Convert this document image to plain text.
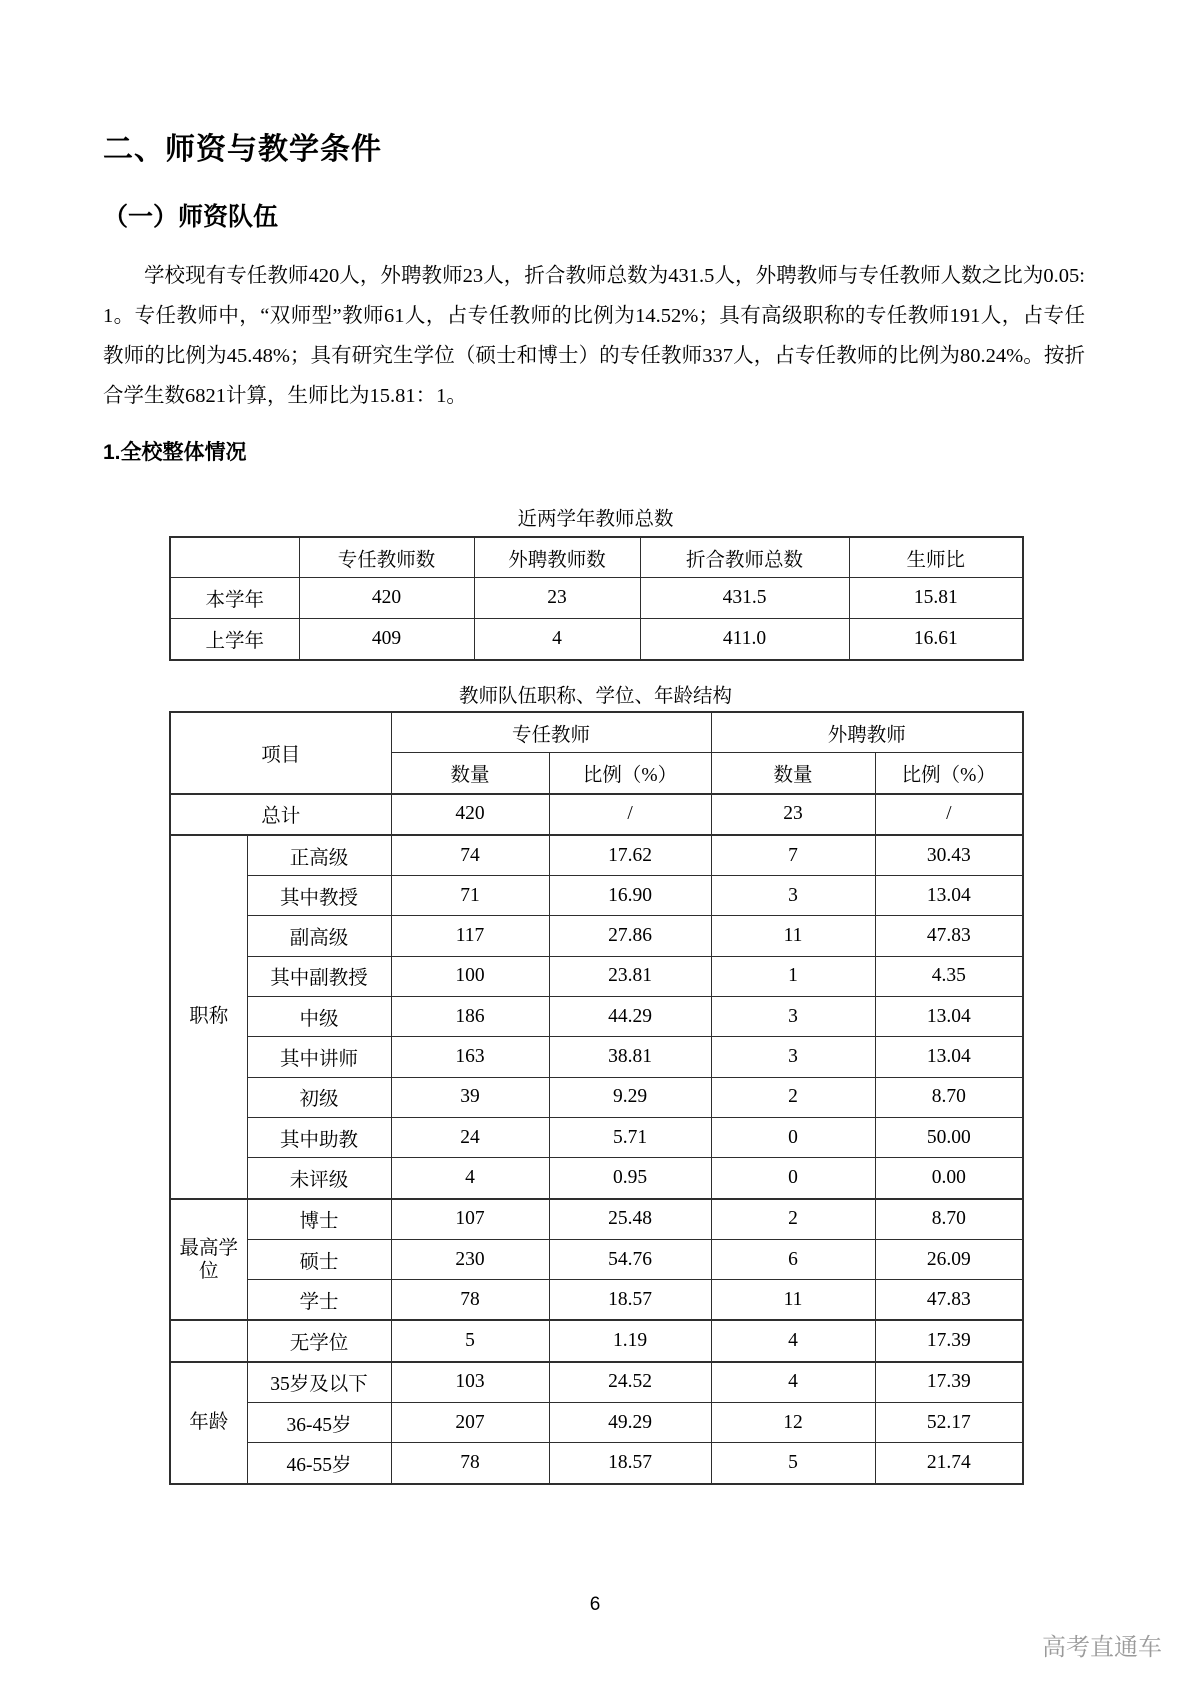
二、师资与教学条件
（一）师资队伍
学校现有专任教师420人，外聘教师23人，折合教师总数为431.5人，外聘教师与专任教师人数之比为0.05:1。专任教师中，“双师型”教师61人，占专任教师的比例为14.52%；具有高级职称的专任教师191人，占专任教师的比例为45.48%；具有研究生学位（硕士和博士）的专任教师337人，占专任教师的比例为80.24%。按折合学生数6821计算，生师比为15.81：1。
1.全校整体情况
近两学年教师总数
	专任教师数	外聘教师数	折合教师总数	生师比
本学年	420	23	431.5	15.81
上学年	409	4	411.0	16.61
教师队伍职称、学位、年龄结构
项目		专任教师		外聘教师	
		数量	比例（%）	数量	比例（%）
总计		420	/	23	/
职称	正高级	74	17.62	7	30.43
	其中教授	71	16.90	3	13.04
	副高级	117	27.86	11	47.83
	其中副教授	100	23.81	1	4.35
	中级	186	44.29	3	13.04
	其中讲师	163	38.81	3	13.04
	初级	39	9.29	2	8.70
	其中助教	24	5.71	0	50.00
	未评级	4	0.95	0	0.00
最高学位	博士	107	25.48	2	8.70
	硕士	230	54.76	6	26.09
	学士	78	18.57	11	47.83
	无学位	5	1.19	4	17.39
年龄	35岁及以下	103	24.52	4	17.39
	36-45岁	207	49.29	12	52.17
	46-55岁	78	18.57	5	21.74
6
高考直通车
